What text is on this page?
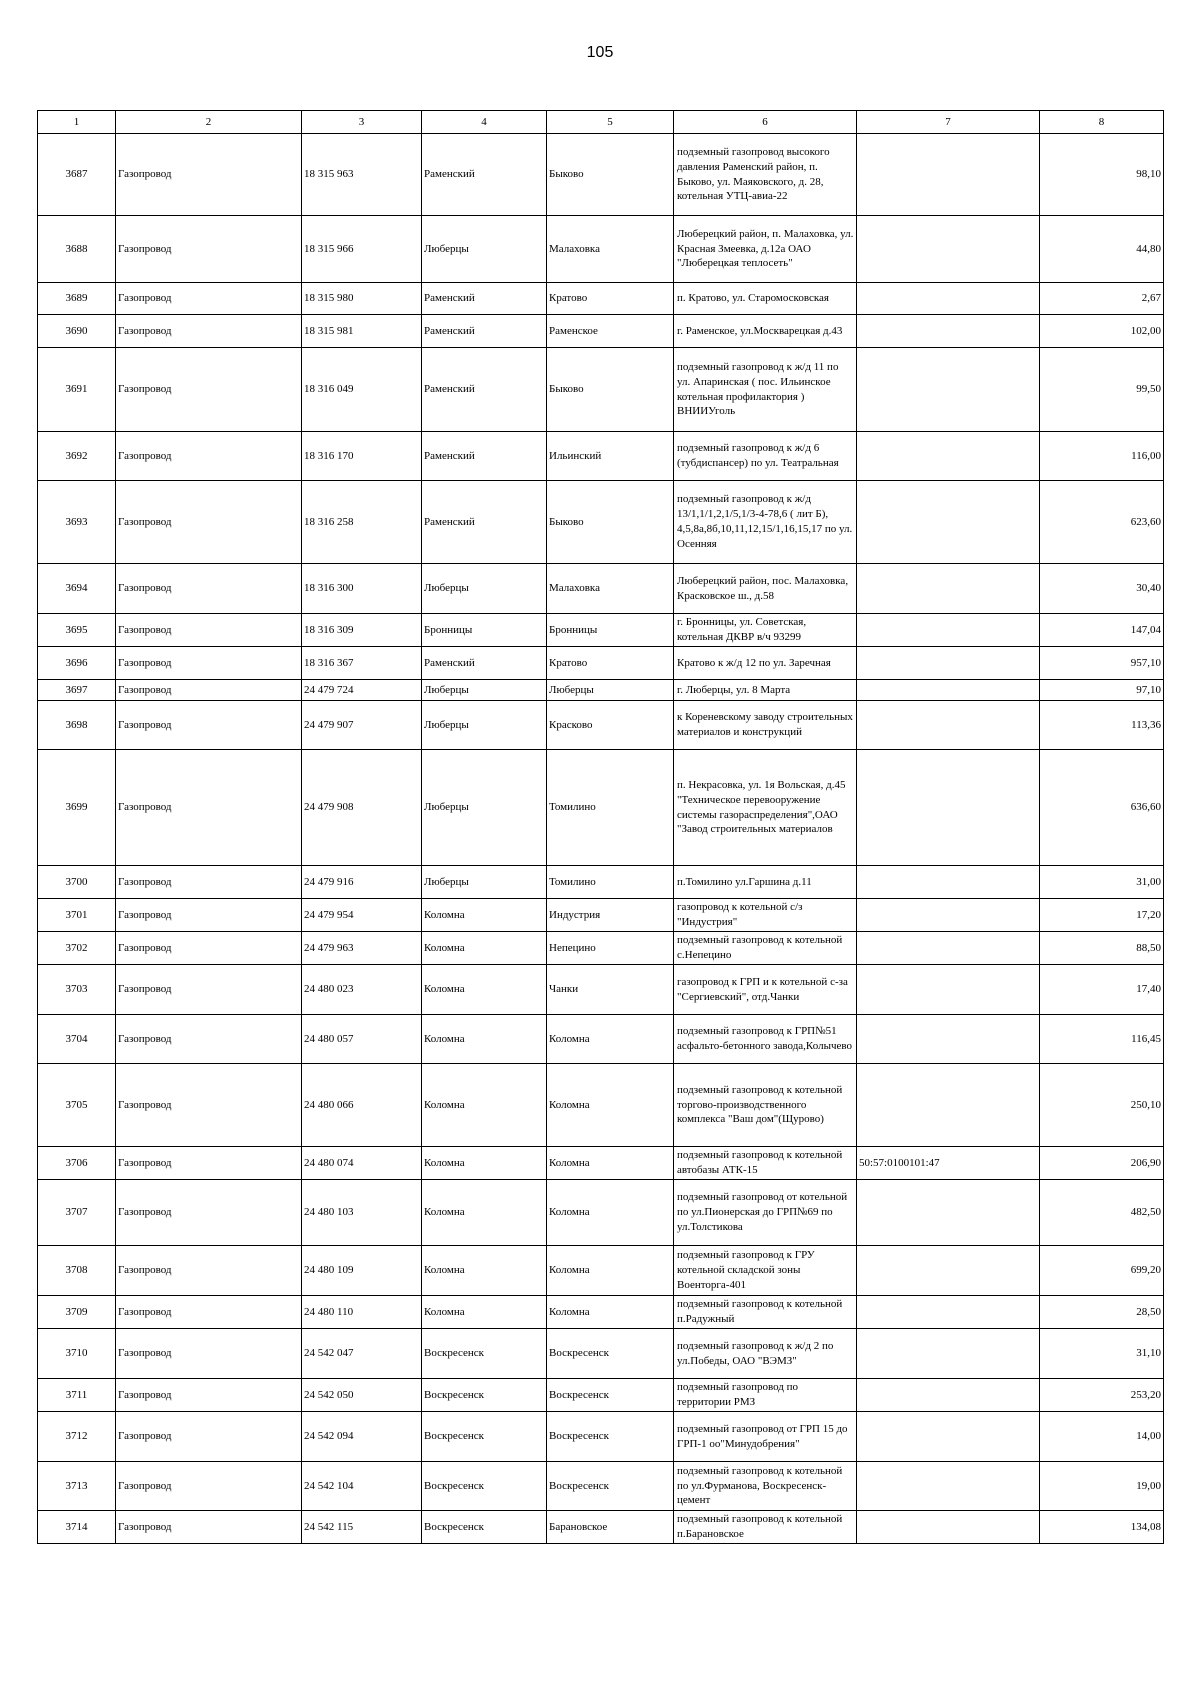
105
1	2	3	4	5	6	7	8
3687	Газопровод	18 315 963	Раменский	Быково	подземный газопровод высокого давления Раменский район, п. Быково, ул. Маяковского, д. 28, котельная УТЦ-авиа-22		98,10
3688	Газопровод	18 315 966	Люберцы	Малаховка	Люберецкий район, п. Малаховка, ул. Красная Змеевка, д.12а ОАО "Люберецкая теплосеть"		44,80
3689	Газопровод	18 315 980	Раменский	Кратово	п. Кратово, ул. Старомосковская		2,67
3690	Газопровод	18 315 981	Раменский	Раменское	г. Раменское, ул.Москварецкая д.43		102,00
3691	Газопровод	18 316 049	Раменский	Быково	подземный газопровод к ж/д 11 по ул. Апаринская ( пос. Ильинское котельная профилактория ) ВНИИУголь		99,50
3692	Газопровод	18 316 170	Раменский	Ильинский	подземный газопровод к ж/д 6 (тубдиспансер) по ул. Театральная		116,00
3693	Газопровод	18 316 258	Раменский	Быково	подземный газопровод к ж/д 13/1,1/1,2,1/5,1/3-4-78,6 ( лит Б), 4,5,8а,8б,10,11,12,15/1,16,15,17 по ул. Осенняя		623,60
3694	Газопровод	18 316 300	Люберцы	Малаховка	Люберецкий район, пос. Малаховка, Красковское ш., д.58		30,40
3695	Газопровод	18 316 309	Бронницы	Бронницы	г. Бронницы, ул. Советская, котельная ДКВР в/ч 93299		147,04
3696	Газопровод	18 316 367	Раменский	Кратово	Кратово к ж/д 12 по ул. Заречная		957,10
3697	Газопровод	24 479 724	Люберцы	Люберцы	г. Люберцы, ул. 8 Марта		97,10
3698	Газопровод	24 479 907	Люберцы	Красково	к Кореневскому заводу строительных материалов и конструкций		113,36
3699	Газопровод	24 479 908	Люберцы	Томилино	п. Некрасовка, ул. 1я Вольская, д.45 "Техническое перевооружение системы газораспределения",ОАО "Завод строительных материалов		636,60
3700	Газопровод	24 479 916	Люберцы	Томилино	п.Томилино ул.Гаршина д.11		31,00
3701	Газопровод	24 479 954	Коломна	Индустрия	газопровод к котельной с/з "Индустрия"		17,20
3702	Газопровод	24 479 963	Коломна	Непецино	подземный газопровод к котельной с.Непецино		88,50
3703	Газопровод	24 480 023	Коломна	Чанки	газопровод к ГРП и к котельной с-за "Сергиевский", отд.Чанки		17,40
3704	Газопровод	24 480 057	Коломна	Коломна	подземный газопровод к ГРП№51 асфальто-бетонного завода,Колычево		116,45
3705	Газопровод	24 480 066	Коломна	Коломна	подземный газопровод к котельной торгово-производственного комплекса "Ваш дом"(Щурово)		250,10
3706	Газопровод	24 480 074	Коломна	Коломна	подземный газопровод к котельной автобазы АТК-15	50:57:0100101:47	206,90
3707	Газопровод	24 480 103	Коломна	Коломна	подземный газопровод от котельной по ул.Пионерская до ГРП№69 по ул.Толстикова		482,50
3708	Газопровод	24 480 109	Коломна	Коломна	подземный газопровод к ГРУ котельной складской зоны Военторга-401		699,20
3709	Газопровод	24 480 110	Коломна	Коломна	подземный газопровод к котельной п.Радужный		28,50
3710	Газопровод	24 542 047	Воскресенск	Воскресенск	подземный газопровод к ж/д 2 по ул.Победы, ОАО "ВЭМЗ"		31,10
3711	Газопровод	24 542 050	Воскресенск	Воскресенск	подземный газопровод по территории РМЗ		253,20
3712	Газопровод	24 542 094	Воскресенск	Воскресенск	подземный газопровод от ГРП 15 до ГРП-1 оо"Минудобрения"		14,00
3713	Газопровод	24 542 104	Воскресенск	Воскресенск	подземный газопровод к котельной по ул.Фурманова, Воскресенск-цемент		19,00
3714	Газопровод	24 542 115	Воскресенск	Барановское	подземный газопровод к котельной п.Барановское		134,08
